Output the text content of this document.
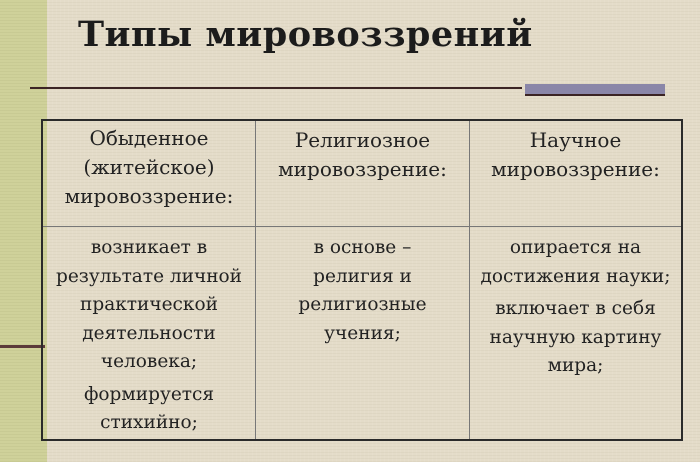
Типы мировоззрений
Обыденное
(житейское)
мировоззрение:
Религиозное
мировоззрение:
Научное
мировоззрение:

возникает в
результате личной
практической
деятельности
человека;

формируется
стихийно;

в основе –
религия и
религиозные
учения;

опирается на
достижения науки;

включает в себя
научную картину
мира;
